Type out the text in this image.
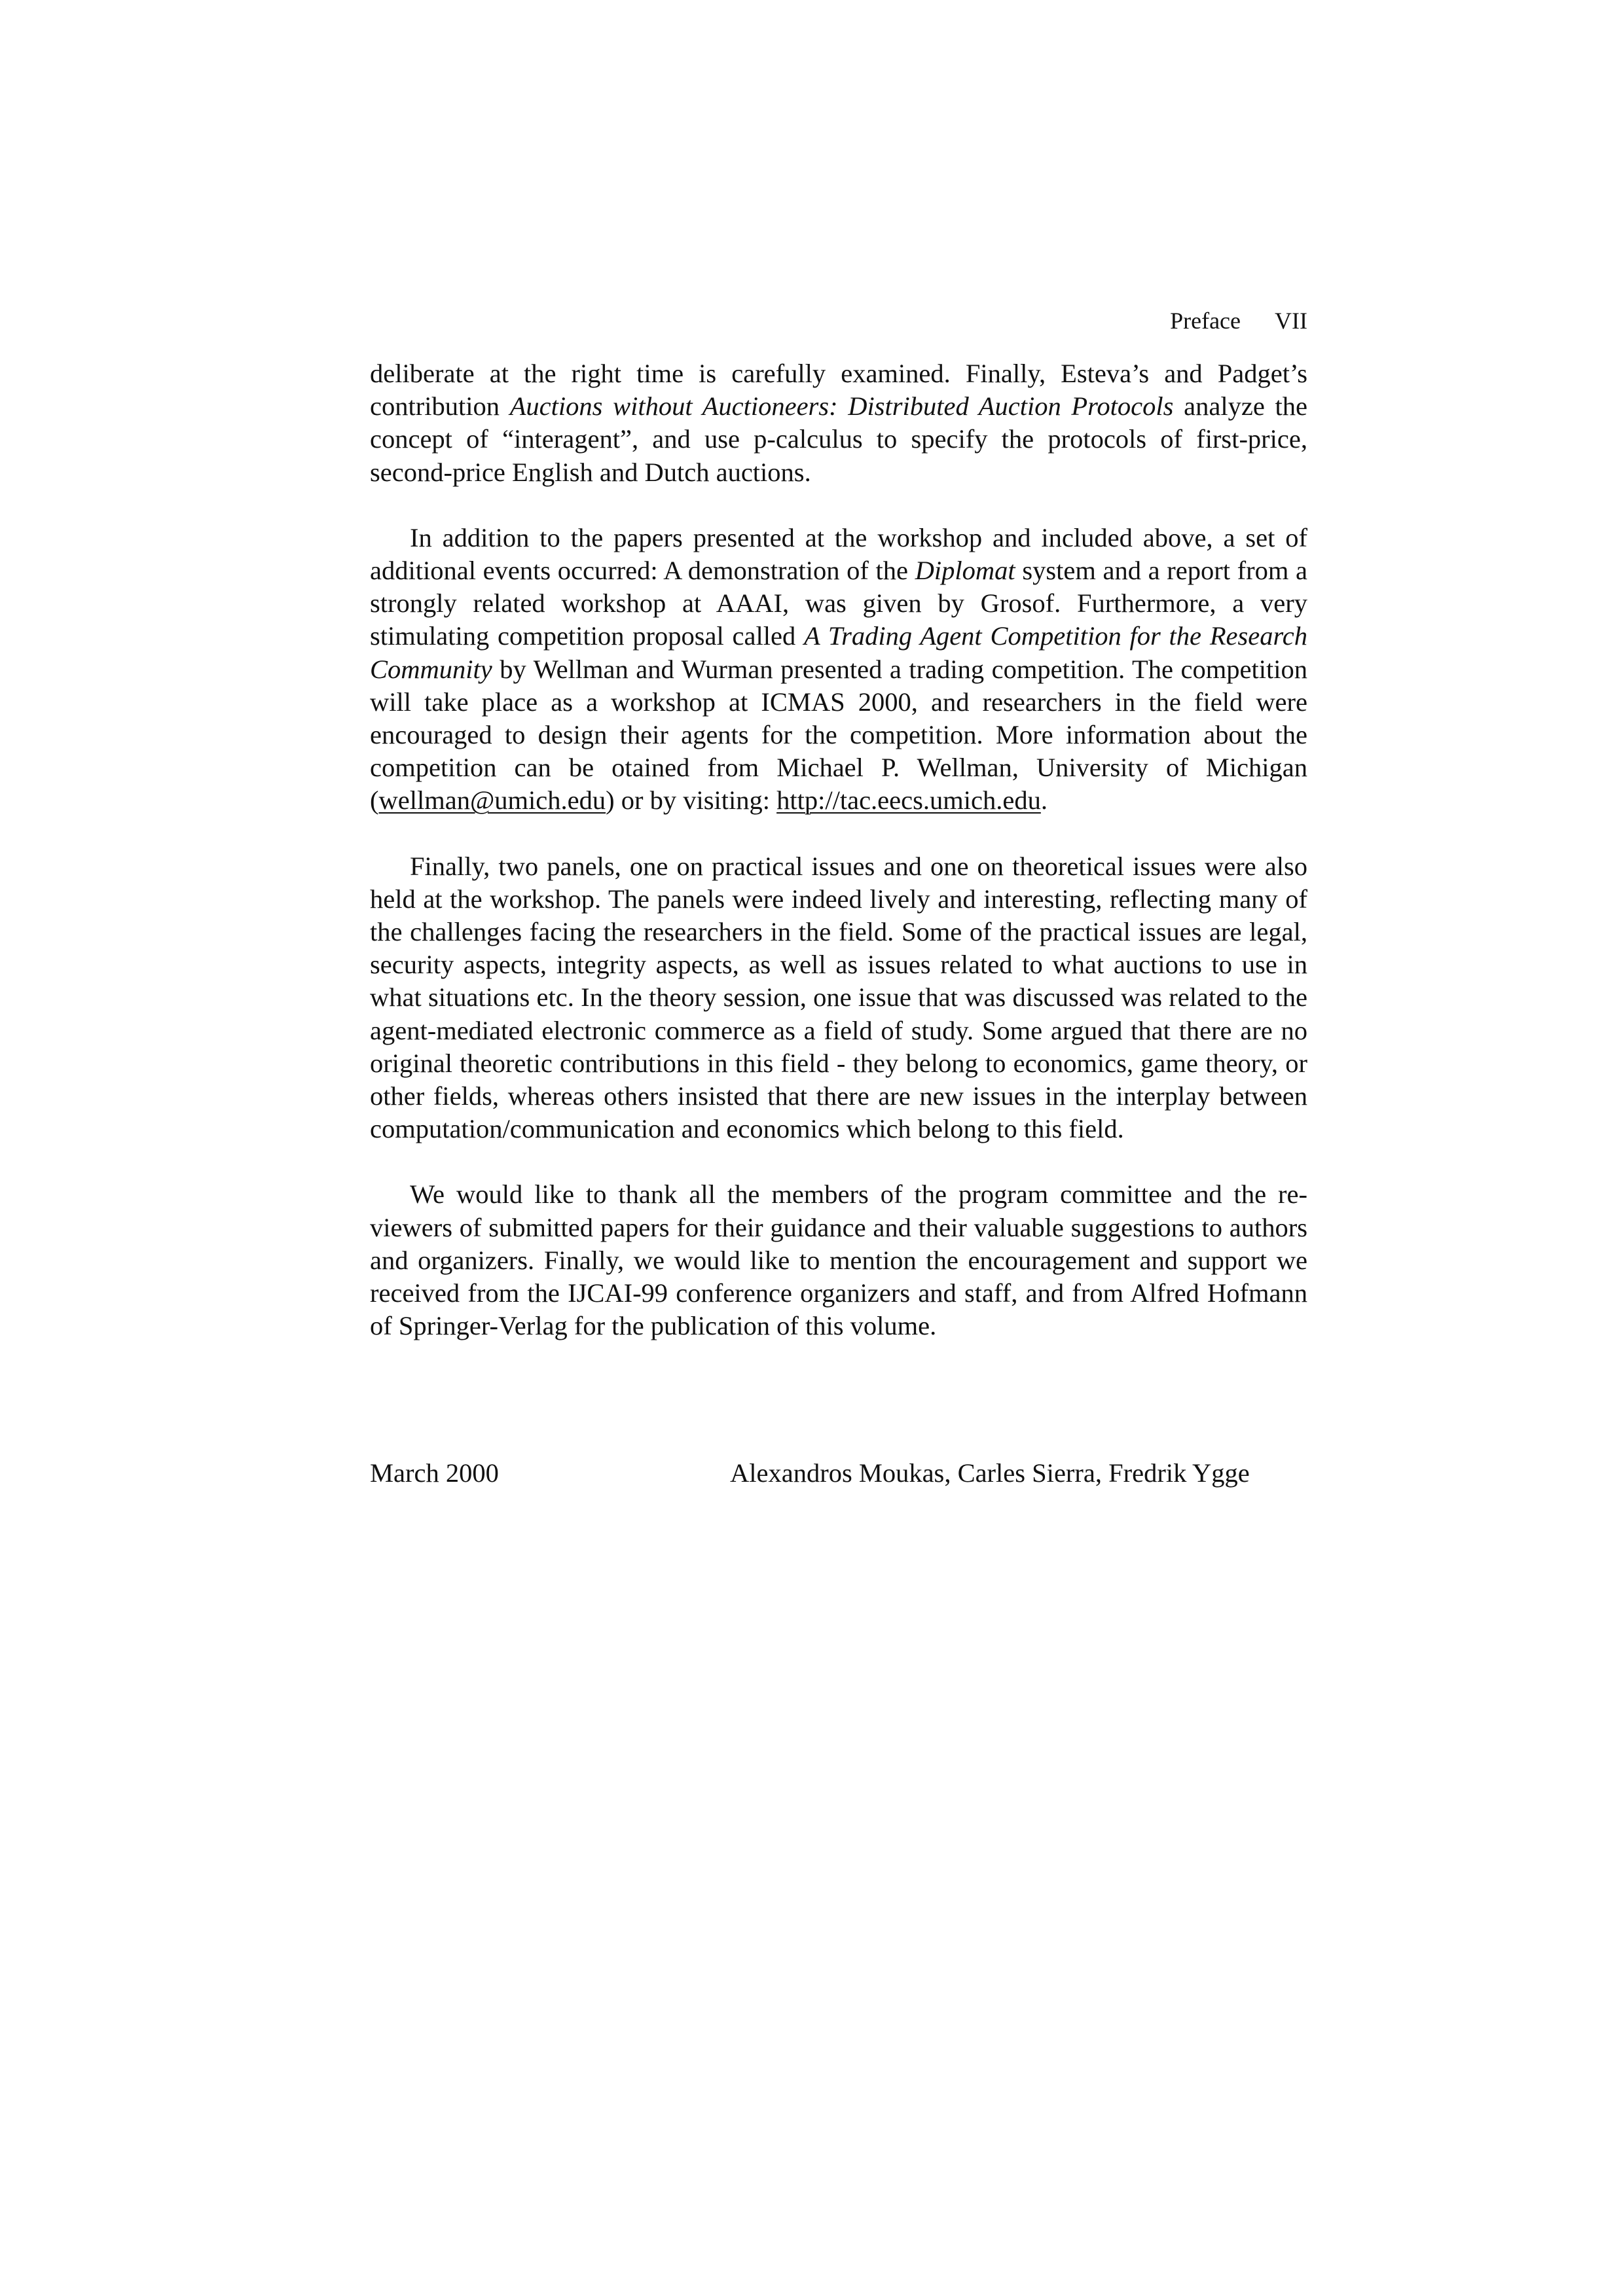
Preface VII

deliberate at the right time is carefully examined. Finally, Esteva’s and Padget’s contribution Auctions without Auctioneers: Distributed Auction Protocols analyze the concept of “interagent”, and use p-calculus to specify the protocols of first-price, second-price English and Dutch auctions.

In addition to the papers presented at the workshop and included above, a set of additional events occurred: A demonstration of the Diplomat system and a report from a strongly related workshop at AAAI, was given by Grosof. Furthermore, a very stimulating competition proposal called A Trading Agent Competition for the Research Community by Wellman and Wurman presented a trading competition. The competition will take place as a workshop at ICMAS 2000, and researchers in the field were encouraged to design their agents for the competition. More information about the competition can be otained from Michael P. Wellman, University of Michigan (wellman@umich.edu) or by visiting: http://tac.eecs.umich.edu.

Finally, two panels, one on practical issues and one on theoretical issues were also held at the workshop. The panels were indeed lively and interesting, reflecting many of the challenges facing the researchers in the field. Some of the practical issues are legal, security aspects, integrity aspects, as well as issues related to what auctions to use in what situations etc. In the theory session, one issue that was discussed was related to the agent-mediated electronic commerce as a field of study. Some argued that there are no original theoretic contributions in this field - they belong to economics, game theory, or other fields, whereas others insisted that there are new issues in the interplay between computation/communication and economics which belong to this field.

We would like to thank all the members of the program committee and the reviewers of submitted papers for their guidance and their valuable suggestions to authors and organizers. Finally, we would like to mention the encouragement and support we received from the IJCAI-99 conference organizers and staff, and from Alfred Hofmann of Springer-Verlag for the publication of this volume.

March 2000	Alexandros Moukas, Carles Sierra, Fredrik Ygge
